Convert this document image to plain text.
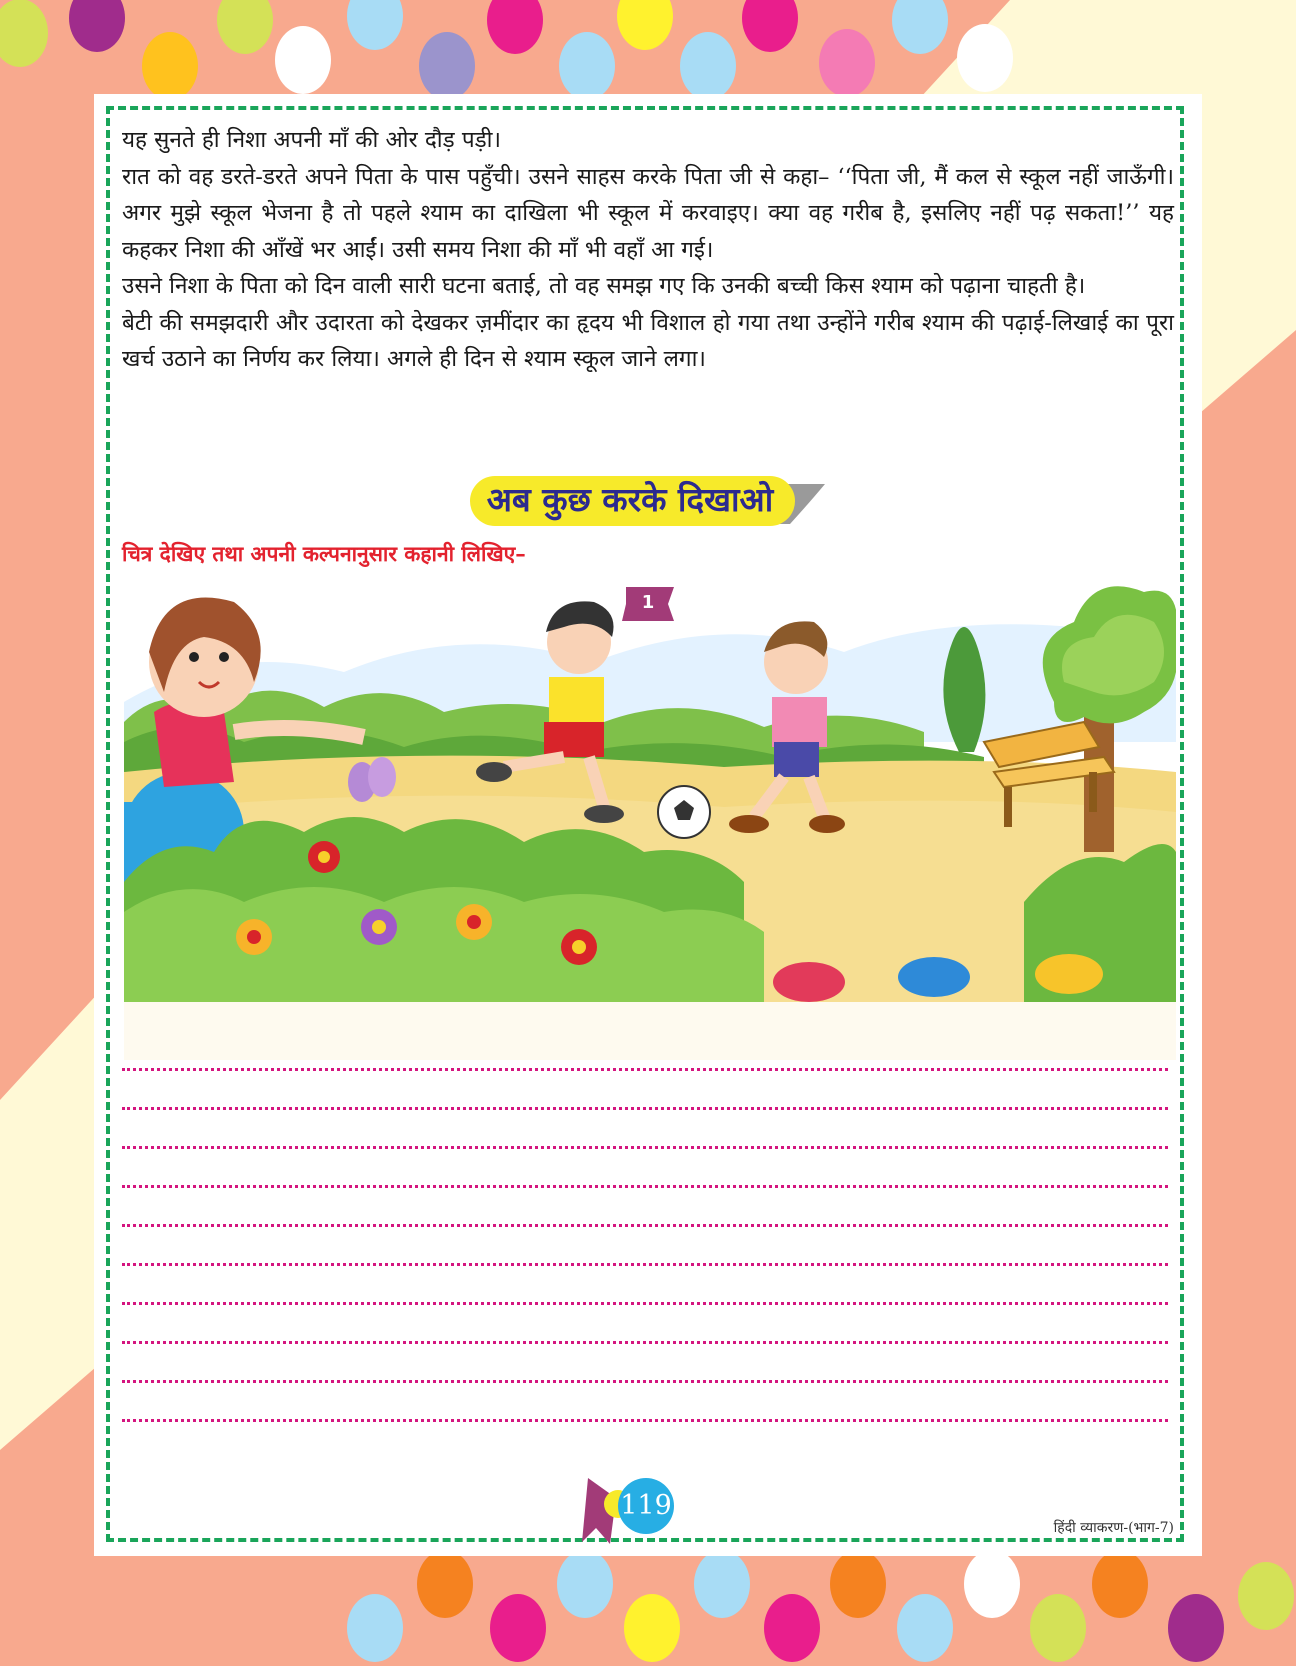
यह सुनते ही निशा अपनी माँ की ओर दौड़ पड़ी।

रात को वह डरते-डरते अपने पिता के पास पहुँची। उसने साहस करके पिता जी से कहा– ‘‘पिता जी, मैं कल से स्कूल नहीं जाऊँगी। अगर मुझे स्कूल भेजना है तो पहले श्याम का दाखिला भी स्कूल में करवाइए। क्या वह गरीब है, इसलिए नहीं पढ़ सकता!’’ यह कहकर निशा की आँखें भर आईं। उसी समय निशा की माँ भी वहाँ आ गई।

उसने निशा के पिता को दिन वाली सारी घटना बताई, तो वह समझ गए कि उनकी बच्ची किस श्याम को पढ़ाना चाहती है।

बेटी की समझदारी और उदारता को देखकर ज़मींदार का हृदय भी विशाल हो गया तथा उन्होंने गरीब श्याम की पढ़ाई-लिखाई का पूरा खर्च उठाने का निर्णय कर लिया। अगले ही दिन से श्याम स्कूल जाने लगा।

1
अब कुछ करके दिखाओ
चित्र देखिए तथा अपनी कल्पनानुसार कहानी लिखिए–
119
हिंदी व्याकरण-(भाग-7)
